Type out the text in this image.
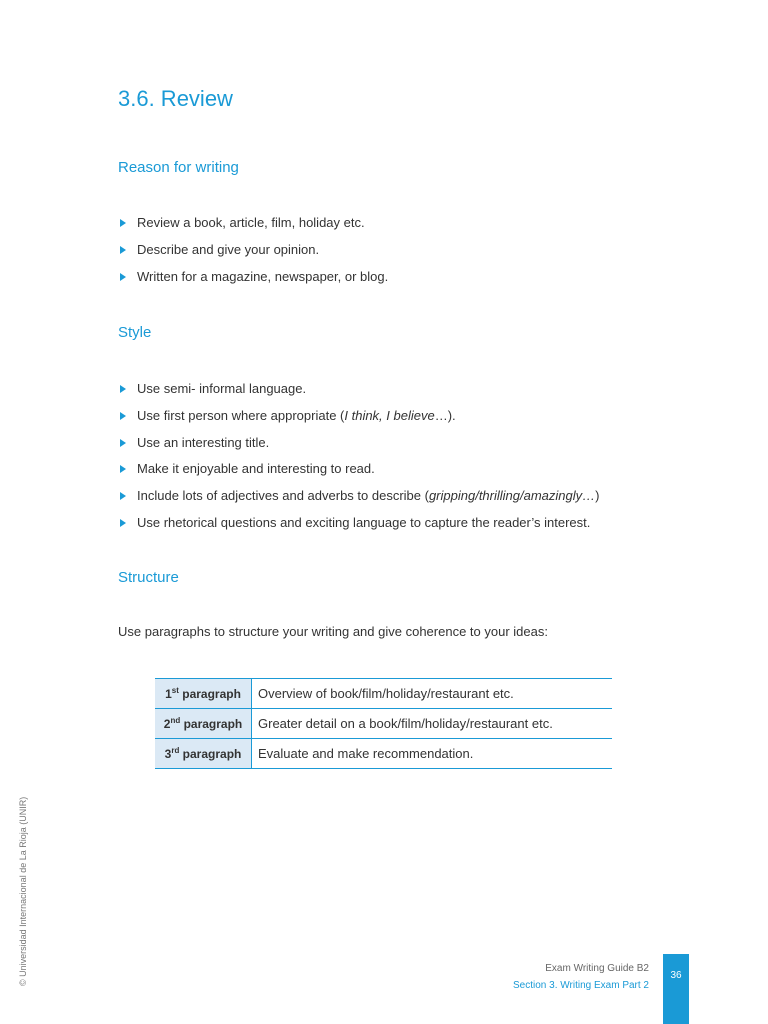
3.6. Review
Reason for writing
Review a book, article, film, holiday etc.
Describe and give your opinion.
Written for a magazine, newspaper, or blog.
Style
Use semi- informal language.
Use first person where appropriate (I think, I believe…).
Use an interesting title.
Make it enjoyable and interesting to read.
Include lots of adjectives and adverbs to describe (gripping/thrilling/amazingly…)
Use rhetorical questions and exciting language to capture the reader’s interest.
Structure

Use paragraphs to structure your writing and give coherence to your ideas:

1st paragraph	Overview of book/film/holiday/restaurant etc.
2nd paragraph	Greater detail on a book/film/holiday/restaurant etc.
3rd paragraph	Evaluate and make recommendation.
© Universidad Internacional de La Rioja (UNIR)	Exam Writing Guide B2
Section 3. Writing Exam Part 2
36
